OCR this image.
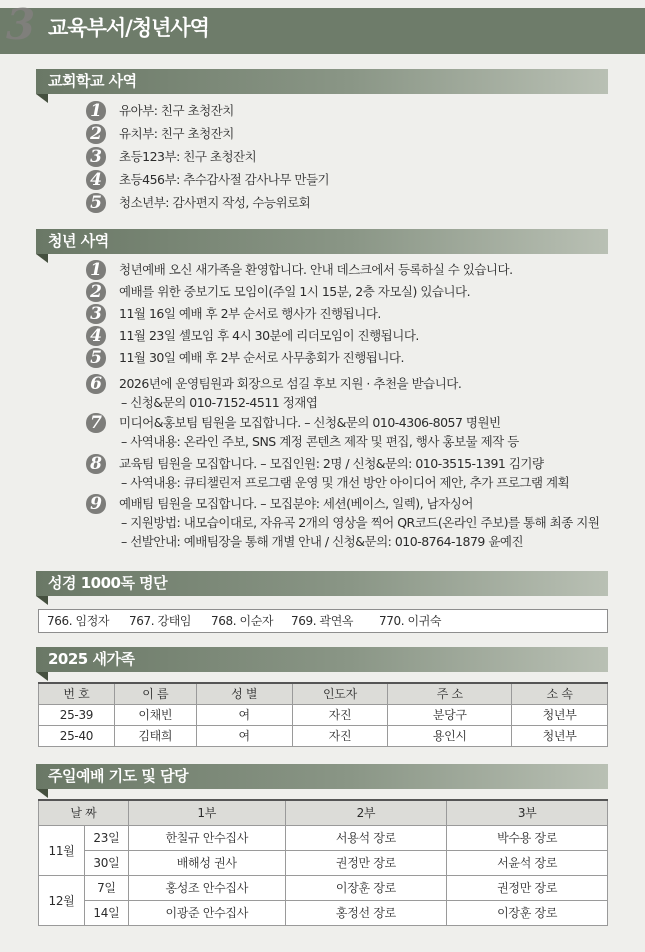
3 교육부서/청년사역
교회학교 사역
1	유아부: 친구 초청잔치
2	유치부: 친구 초청잔치
3	초등123부: 친구 초청잔치
4	초등456부: 추수감사절 감사나무 만들기
5	청소년부: 감사편지 작성, 수능위로회
청년 사역
1	청년예배 오신 새가족을 환영합니다. 안내 데스크에서 등록하실 수 있습니다.
2	예배를 위한 중보기도 모임이(주일 1시 15분, 2층 자모실) 있습니다.
3	11월 16일 예배 후 2부 순서로 행사가 진행됩니다.
4	11월 23일 셀모임 후 4시 30분에 리더모임이 진행됩니다.
5	11월 30일 예배 후 2부 순서로 사무총회가 진행됩니다.
6	2026년에 운영팀원과 회장으로 섬길 후보 지원 · 추천을 받습니다.
– 신청&문의 010-7152-4511 정재엽
7	미디어&홍보팀 팀원을 모집합니다. – 신청&문의 010-4306-8057 명원빈
– 사역내용: 온라인 주보, SNS 계정 콘텐츠 제작 및 편집, 행사 홍보물 제작 등
8	교육팀 팀원을 모집합니다. – 모집인원: 2명 / 신청&문의: 010-3515-1391 김기량
– 사역내용: 큐티챌린저 프로그램 운영 및 개선 방안 아이디어 제안, 추가 프로그램 계획
9	예배팀 팀원을 모집합니다. – 모집분야: 세션(베이스, 일렉), 남자싱어
– 지원방법: 내모습이대로, 자유곡 2개의 영상을 찍어 QR코드(온라인 주보)를 통해 최종 지원
– 선발안내: 예배팀장을 통해 개별 안내 / 신청&문의: 010-8764-1879 윤예진
성경 1000독 명단
766. 임정자 767. 강태임 768. 이순자 769. 곽연옥 770. 이귀숙
2025 새가족
번 호	이 름	성 별	인도자	주 소	소 속
25-39	이채빈	여	자진	분당구	청년부
25-40	김태희	여	자진	용인시	청년부
주일예배 기도 및 담당
날 짜		1부	2부	3부
11월	23일	한칠규 안수집사	서용석 장로	박수용 장로
	30일	배해성 권사	권정만 장로	서윤석 장로
12월	7일	홍성조 안수집사	이장훈 장로	권정만 장로
	14일	이광준 안수집사	홍정선 장로	이장훈 장로
